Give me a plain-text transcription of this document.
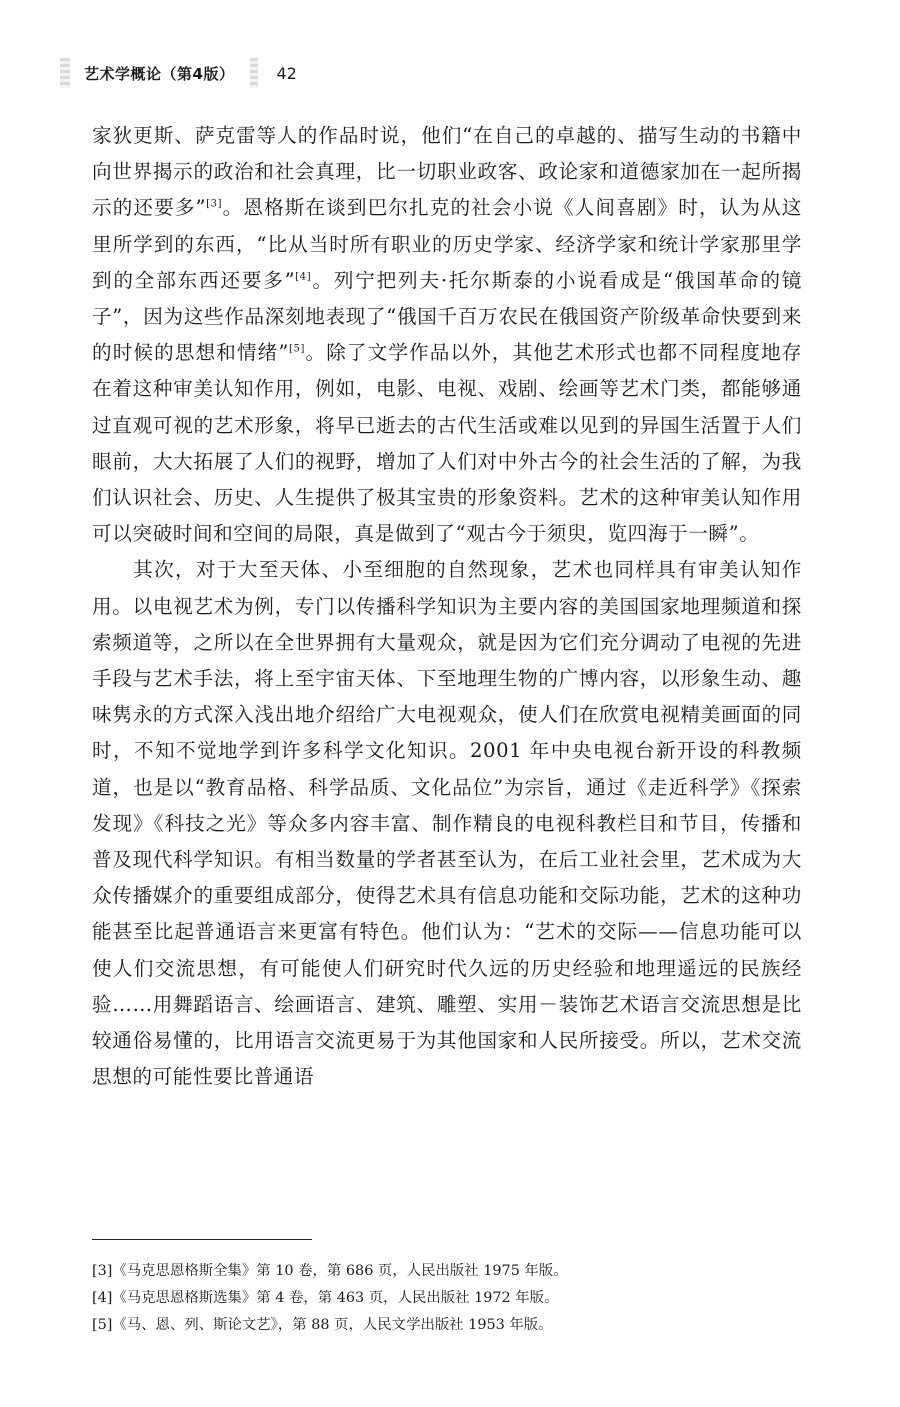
艺术学概论（第4版）	42

家狄更斯、萨克雷等人的作品时说，他们“在自己的卓越的、描写生动的书籍中向世界揭示的政治和社会真理，比一切职业政客、政论家和道德家加在一起所揭示的还要多”[3]。恩格斯在谈到巴尔扎克的社会小说《人间喜剧》时，认为从这里所学到的东西，“比从当时所有职业的历史学家、经济学家和统计学家那里学到的全部东西还要多”[4]。列宁把列夫·托尔斯泰的小说看成是“俄国革命的镜子”，因为这些作品深刻地表现了“俄国千百万农民在俄国资产阶级革命快要到来的时候的思想和情绪”[5]。除了文学作品以外，其他艺术形式也都不同程度地存在着这种审美认知作用，例如，电影、电视、戏剧、绘画等艺术门类，都能够通过直观可视的艺术形象，将早已逝去的古代生活或难以见到的异国生活置于人们眼前，大大拓展了人们的视野，增加了人们对中外古今的社会生活的了解，为我们认识社会、历史、人生提供了极其宝贵的形象资料。艺术的这种审美认知作用可以突破时间和空间的局限，真是做到了“观古今于须臾，览四海于一瞬”。

其次，对于大至天体、小至细胞的自然现象，艺术也同样具有审美认知作用。以电视艺术为例，专门以传播科学知识为主要内容的美国国家地理频道和探索频道等，之所以在全世界拥有大量观众，就是因为它们充分调动了电视的先进手段与艺术手法，将上至宇宙天体、下至地理生物的广博内容，以形象生动、趣味隽永的方式深入浅出地介绍给广大电视观众，使人们在欣赏电视精美画面的同时，不知不觉地学到许多科学文化知识。2001 年中央电视台新开设的科教频道，也是以“教育品格、科学品质、文化品位”为宗旨，通过《走近科学》《探索发现》《科技之光》等众多内容丰富、制作精良的电视科教栏目和节目，传播和普及现代科学知识。有相当数量的学者甚至认为，在后工业社会里，艺术成为大众传播媒介的重要组成部分，使得艺术具有信息功能和交际功能，艺术的这种功能甚至比起普通语言来更富有特色。他们认为：“艺术的交际——信息功能可以使人们交流思想，有可能使人们研究时代久远的历史经验和地理遥远的民族经验……用舞蹈语言、绘画语言、建筑、雕塑、实用－装饰艺术语言交流思想是比较通俗易懂的，比用语言交流更易于为其他国家和人民所接受。所以，艺术交流思想的可能性要比普通语

[3]《马克思恩格斯全集》第 10 卷，第 686 页，人民出版社 1975 年版。
[4]《马克思恩格斯选集》第 4 卷，第 463 页，人民出版社 1972 年版。
[5]《马、恩、列、斯论文艺》，第 88 页，人民文学出版社 1953 年版。
